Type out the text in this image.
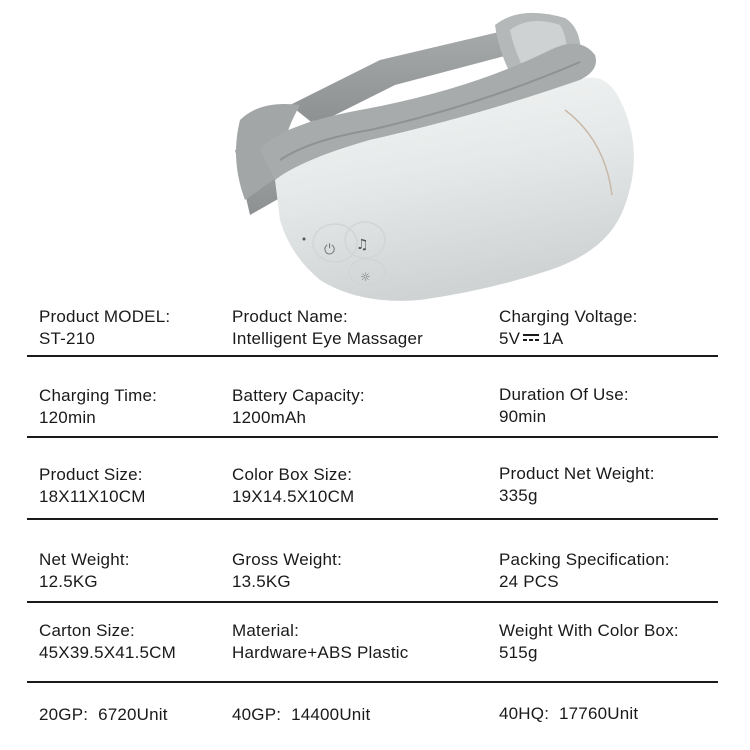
⏻ ♫
☼
Product MODEL:
ST-210
Product Name:
Intelligent Eye Massager
Charging Voltage:
5V 1A
Charging Time:
120min
Battery Capacity:
1200mAh
Duration Of Use:
90min
Product Size:
18X11X10CM
Color Box Size:
19X14.5X10CM
Product Net Weight:
335g
Net Weight:
12.5KG
Gross Weight:
13.5KG
Packing Specification:
24 PCS
Carton Size:
45X39.5X41.5CM
Material:
Hardware+ABS Plastic
Weight With Color Box:
515g
20GP: 6720Unit	40GP: 14400Unit	40HQ: 17760Unit
